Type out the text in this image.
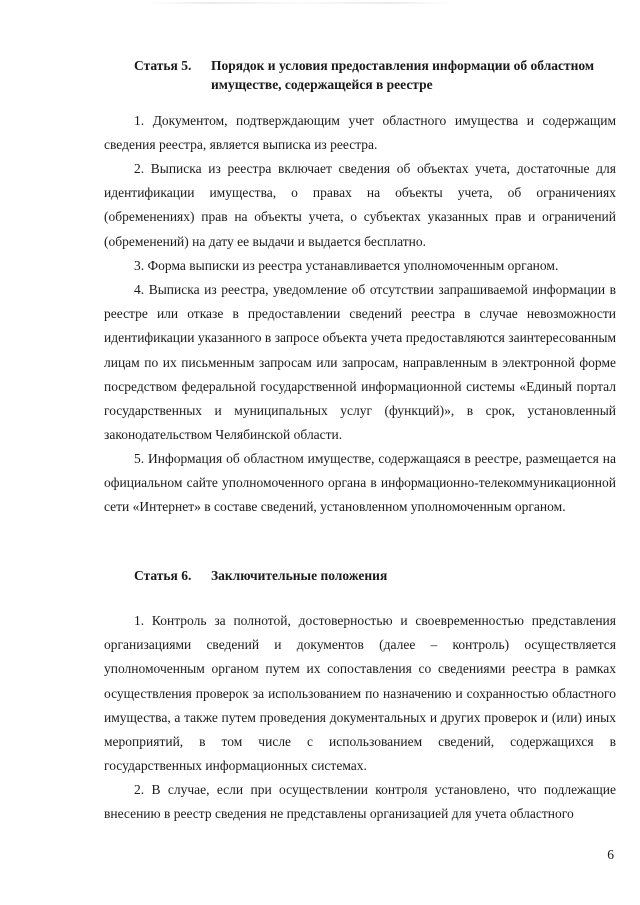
Статья 5. Порядок и условия предоставления информации об областном имуществе, содержащейся в реестре

1. Документом, подтверждающим учет областного имущества и содержащим сведения реестра, является выписка из реестра.

2. Выписка из реестра включает сведения об объектах учета, достаточные для идентификации имущества, о правах на объекты учета, об ограничениях (обременениях) прав на объекты учета, о субъектах указанных прав и ограничений (обременений) на дату ее выдачи и выдается бесплатно.

3. Форма выписки из реестра устанавливается уполномоченным органом.

4. Выписка из реестра, уведомление об отсутствии запрашиваемой информации в реестре или отказе в предоставлении сведений реестра в случае невозможности идентификации указанного в запросе объекта учета предоставляются заинтересованным лицам по их письменным запросам или запросам, направленным в электронной форме посредством федеральной государственной информационной системы «Единый портал государственных и муниципальных услуг (функций)», в срок, установленный законодательством Челябинской области.

5. Информация об областном имуществе, содержащаяся в реестре, размещается на официальном сайте уполномоченного органа в информационно-телекоммуникационной сети «Интернет» в составе сведений, установленном уполномоченным органом.

Статья 6. Заключительные положения

1. Контроль за полнотой, достоверностью и своевременностью представления организациями сведений и документов (далее – контроль) осуществляется уполномоченным органом путем их сопоставления со сведениями реестра в рамках осуществления проверок за использованием по назначению и сохранностью областного имущества, а также путем проведения документальных и других проверок и (или) иных мероприятий, в том числе с использованием сведений, содержащихся в государственных информационных системах.

2. В случае, если при осуществлении контроля установлено, что подлежащие внесению в реестр сведения не представлены организацией для учета областного

6
